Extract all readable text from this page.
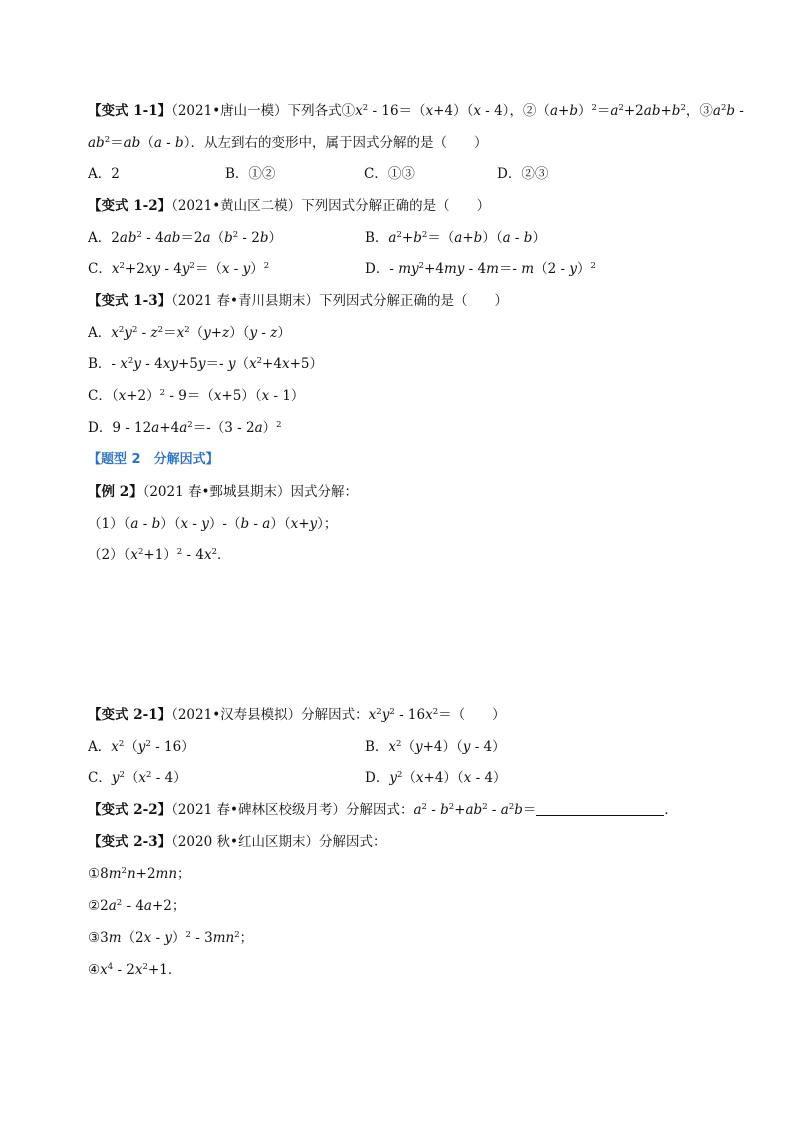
【变式 1-1】（2021•唐山一模）下列各式$①x^2 - 16=(x+4)(x - 4)$，$②(a+b)^2=a^2+2ab+b^2$，$③a^2b$ -
$ab^2=ab(a - b)$．从左到右的变形中，属于因式分解的是（　　）
A．2	B．①②	C．①③	D．②③
【变式 1-2】（2021•黄山区二模）下列因式分解正确的是（　　）
A．$2ab^2 - 4ab=2a(b^2 - 2b)$	B．$a^2+b^2=(a+b)(a - b)$
C．$x^2+2xy - 4y^2=(x - y)^2$	D．- $my^2+4my - 4m=-$ m（2 - y）$^2$
【变式 1-3】（2021 春•青川县期末）下列因式分解正确的是（　　）
A．$x^2y^2 - z^2=x^2(y+z)(y - z)$
B．- $x^2y - 4xy+5y=-$ $y(x^2+4x+5)$
C．$(x+2)^2 - 9=(x+5)(x - 1)$
D．$9 - 12a+4a^2=-(3 - 2a)^2$
【题型 2　分解因式】
【例 2】（2021 春•鄄城县期末）因式分解：
（1）（a - b）（x - y）-（b - a）（x+y）；
$(2)(x^2+1)^2 - 4x^2$．
【变式 2-1】（2021•汉寿县模拟）分解因式：$x^2y^2 - 16x^2=$（　　）
A．$x^2(y^2 - 16)$	B．$x^2(y+4)(y - 4)$
C．$y^2(x^2 - 4)$	D．$y^2(x+4)(x - 4)$
【变式 2-2】（2021 春•碑林区校级月考）分解因式：$a^2 - b^2+ab^2 - a^2b=$	．
【变式 2-3】（2020 秋•红山区期末）分解因式：
$①8m^2n+2mn$；
$②2a^2 - 4a+2$；
③3m（2x - $y)^2 - 3mn^2$；
$④x^4 - 2x^2+1$．
